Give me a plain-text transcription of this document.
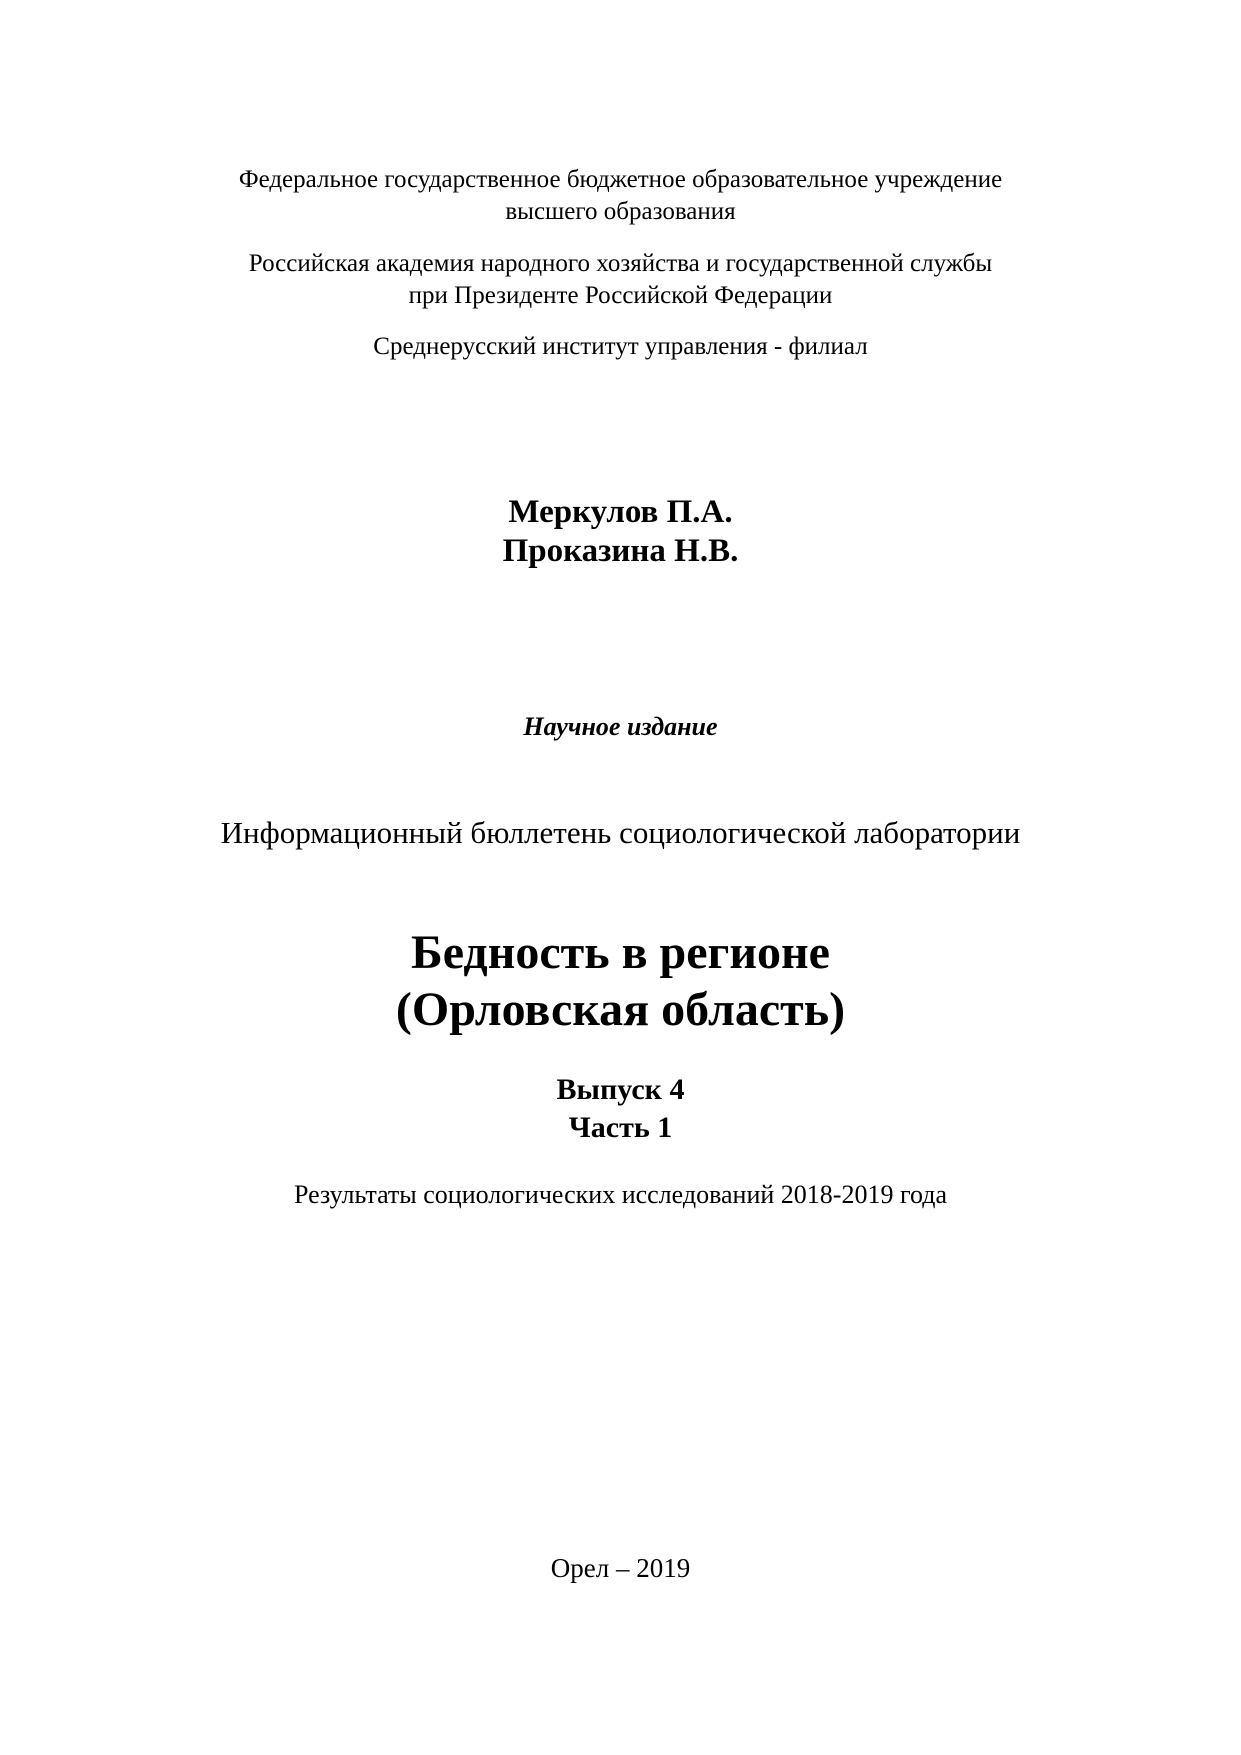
Федеральное государственное бюджетное образовательное учреждение

высшего образования

Российская академия народного хозяйства и государственной службы

при Президенте Российской Федерации

Среднерусский институт управления - филиал

Меркулов П.А.

Проказина Н.В.

Научное издание

Информационный бюллетень социологической лаборатории

Бедность в регионе

(Орловская область)

Выпуск 4

Часть 1

Результаты социологических исследований 2018-2019 года

Орел – 2019
